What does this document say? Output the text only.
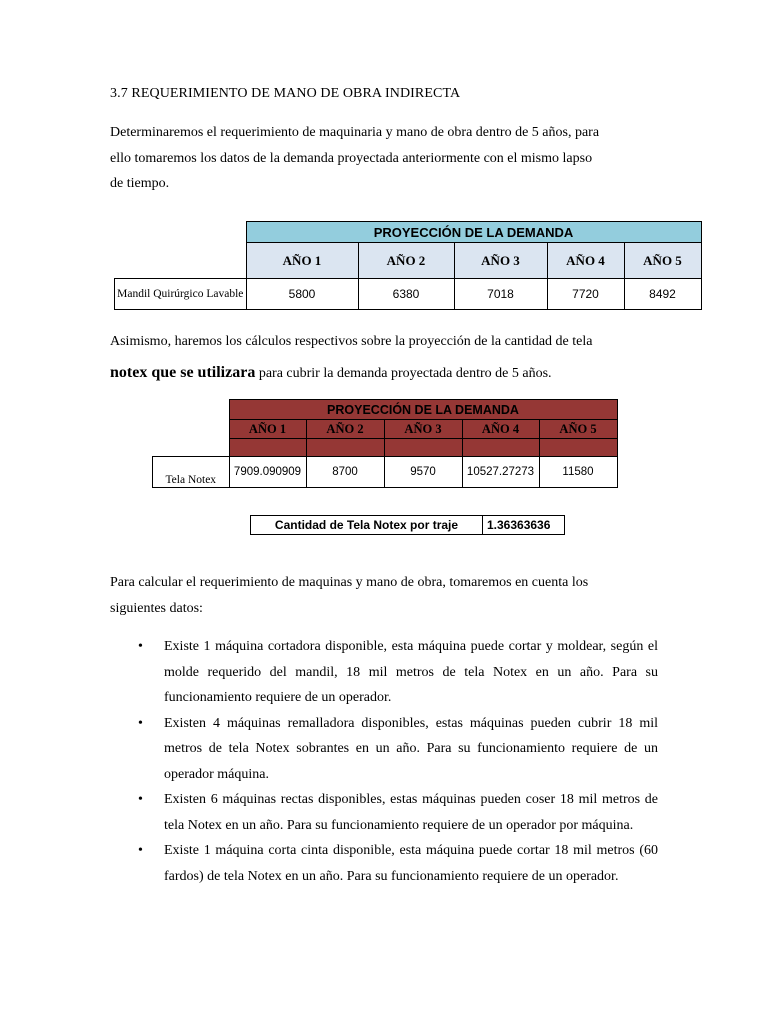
3.7 REQUERIMIENTO DE MANO DE OBRA INDIRECTA
Determinaremos el requerimiento de maquinaria y mano de obra dentro de 5 años, para
ello tomaremos los datos de la demanda proyectada anteriormente con el mismo lapso
de tiempo.
	PROYECCIÓN DE LA DEMANDA				
	AÑO 1	AÑO 2	AÑO 3	AÑO 4	AÑO 5
Mandil Quirúrgico Lavable	5800	6380	7018	7720	8492
Asimismo, haremos los cálculos respectivos sobre la proyección de la cantidad de tela
notex que se utilizara para cubrir la demanda proyectada dentro de 5 años.
	PROYECCIÓN DE LA DEMANDA				
	AÑO 1	AÑO 2	AÑO 3	AÑO 4	AÑO 5

Tela Notex	7909.090909	8700	9570	10527.27273	11580
Cantidad de Tela Notex por traje	1.36363636
Para calcular el requerimiento de maquinas y mano de obra, tomaremos en cuenta los
siguientes datos:
• Existe 1 máquina cortadora disponible, esta máquina puede cortar y moldear, según el molde requerido del mandil, 18 mil metros de tela Notex en un año. Para su funcionamiento requiere de un operador.
• Existen 4 máquinas remalladora disponibles, estas máquinas pueden cubrir 18 mil metros de tela Notex sobrantes en un año. Para su funcionamiento requiere de un operador máquina.
• Existen 6 máquinas rectas disponibles, estas máquinas pueden coser 18 mil metros de tela Notex en un año. Para su funcionamiento requiere de un operador por máquina.
• Existe 1 máquina corta cinta disponible, esta máquina puede cortar 18 mil metros (60 fardos) de tela Notex en un año. Para su funcionamiento requiere de un operador.
